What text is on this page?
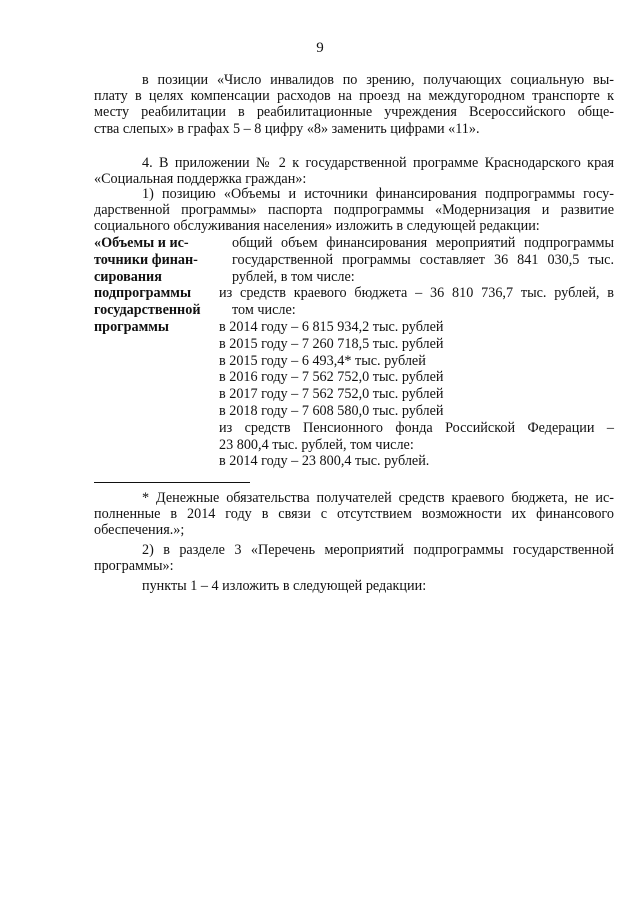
9
в позиции «Число инвалидов по зрению, получающих социальную вы-
плату в целях компенсации расходов на проезд на междугородном транспорте к
месту реабилитации в реабилитационные учреждения Всероссийского обще-
ства слепых» в графах 5 – 8 цифру «8» заменить цифрами «11».
4. В приложении № 2 к государственной программе Краснодарского края
«Социальная поддержка граждан»:
1) позицию «Объемы и источники финансирования подпрограммы госу-
дарственной программы» паспорта подпрограммы «Модернизация и развитие
социального обслуживания населения» изложить в следующей редакции:
«Объемы и ис-
точники финан-
сирования
подпрограммы
государственной
программы
общий объем финансирования мероприятий подпрограммы
государственной программы составляет 36 841 030,5 тыс.
рублей, в том числе:
из средств краевого бюджета – 36 810 736,7 тыс. рублей, в
том числе:
в 2014 году – 6 815 934,2 тыс. рублей
в 2015 году – 7 260 718,5 тыс. рублей
в 2015 году – 6 493,4* тыс. рублей
в 2016 году – 7 562 752,0 тыс. рублей
в 2017 году – 7 562 752,0 тыс. рублей
в 2018 году – 7 608 580,0 тыс. рублей
из средств Пенсионного фонда Российской Федерации –
23 800,4 тыс. рублей, том числе:
в 2014 году – 23 800,4 тыс. рублей.
* Денежные обязательства получателей средств краевого бюджета, не ис-
полненные в 2014 году в связи с отсутствием возможности их финансового
обеспечения.»;
2) в разделе 3 «Перечень мероприятий подпрограммы государственной
программы»:
пункты 1 – 4 изложить в следующей редакции:
